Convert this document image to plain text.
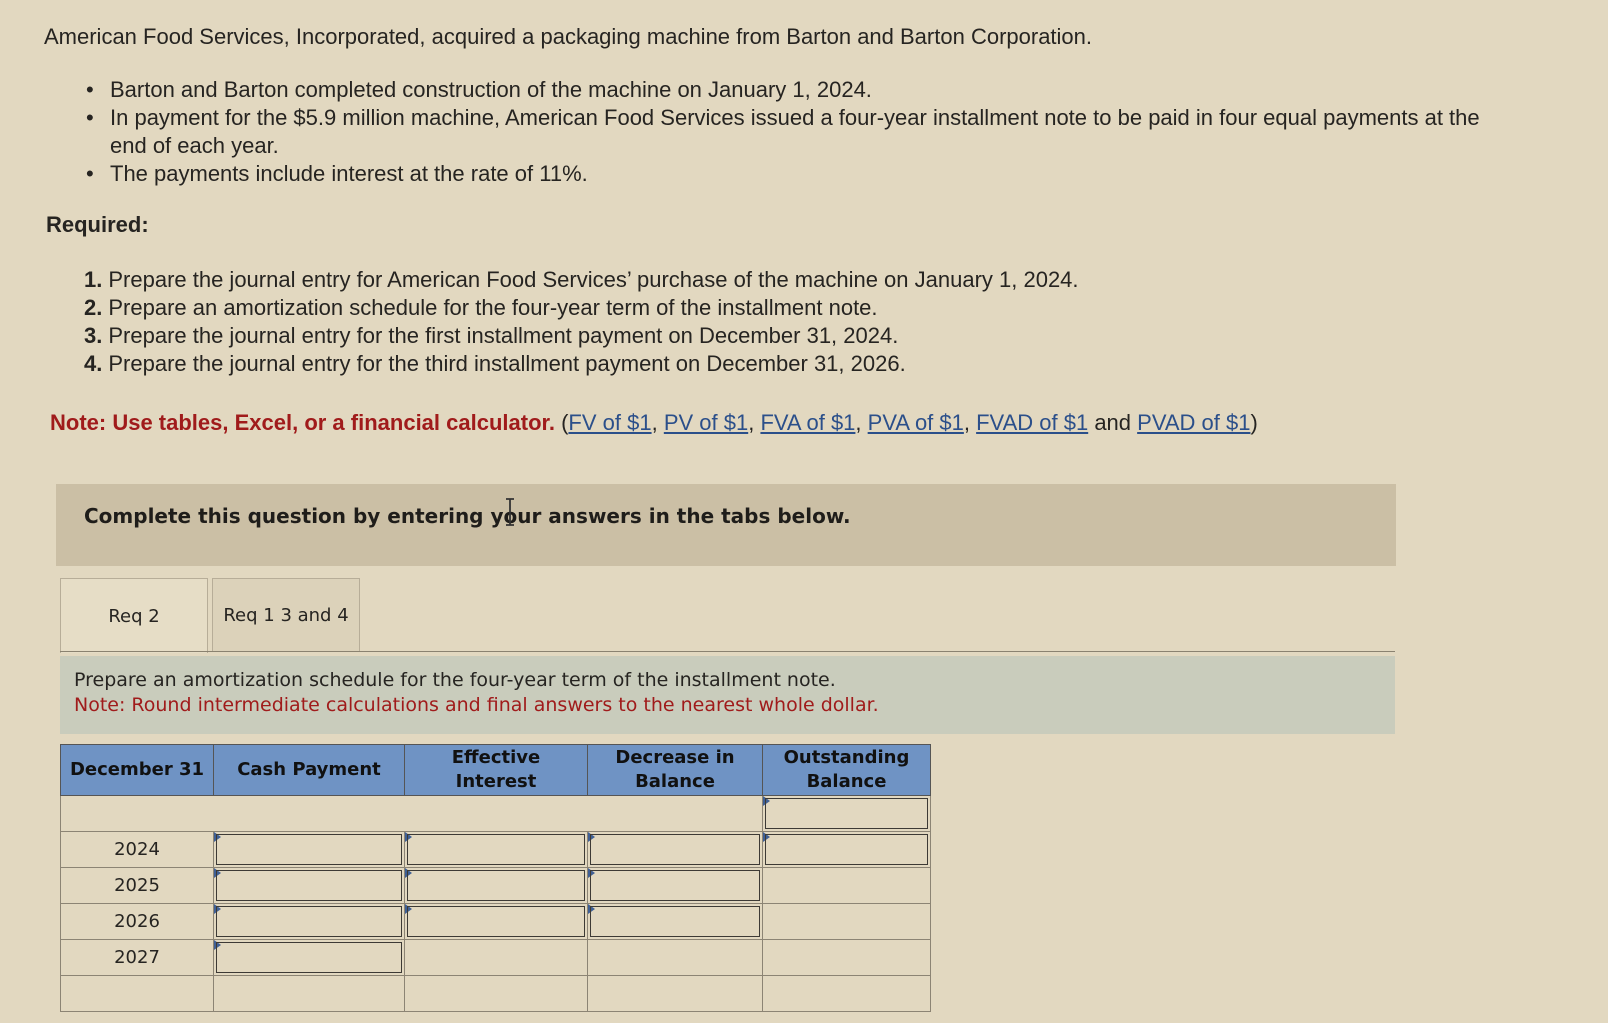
American Food Services, Incorporated, acquired a packaging machine from Barton and Barton Corporation.
• Barton and Barton completed construction of the machine on January 1, 2024.
• In payment for the $5.9 million machine, American Food Services issued a four-year installment note to be paid in four equal payments at the end of each year.
• The payments include interest at the rate of 11%.
Required:
1. Prepare the journal entry for American Food Services’ purchase of the machine on January 1, 2024.
2. Prepare an amortization schedule for the four-year term of the installment note.
3. Prepare the journal entry for the first installment payment on December 31, 2024.
4. Prepare the journal entry for the third installment payment on December 31, 2026.
Note: Use tables, Excel, or a financial calculator. (FV of $1, PV of $1, FVA of $1, PVA of $1, FVAD of $1 and PVAD of $1)
Complete this question by entering your answers in the tabs below.
Req 2	Req 1 3 and 4
Prepare an amortization schedule for the four-year term of the installment note.
Note: Round intermediate calculations and final answers to the nearest whole dollar.
December 31	Cash Payment	Effective Interest	Decrease in Balance	Outstanding Balance

2024	

2025	

2026	

2027	
